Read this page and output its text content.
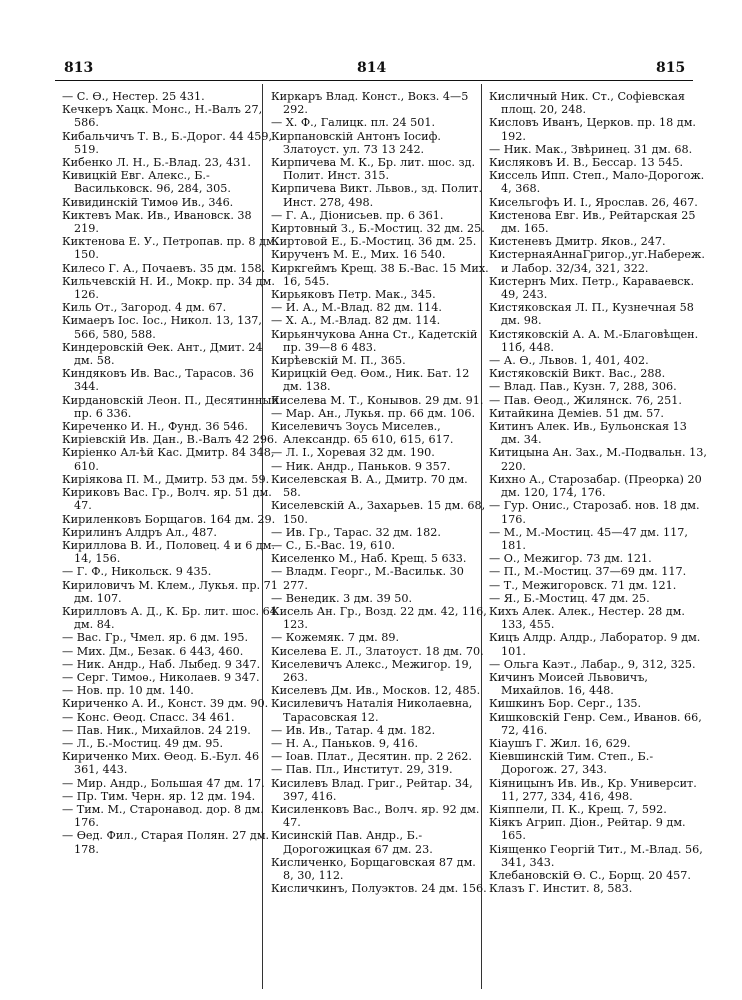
813	814	815

— С. Ѳ., Нестер. 25 431.

Кечкеръ Хацк. Монс., Н.-Валъ 27, 586.

Кибальчичъ Т. В., Б.-Дорог. 44 459, 519.

Кибенко Л. Н., Б.-Влад. 23, 431.

Кивицкій Евг. Алекс., Б.-Васильковск. 96, 284, 305.

Кивидинскій Тимоѳ Ив., 346.

Киктевъ Мак. Ив., Ивановск. 38 219.

Киктенова Е. У., Петропав. пр. 8 дм. 150.

Килесо Г. А., Почаевъ. 35 дм. 158.

Кильчевскій Н. И., Мокр. пр. 34 дм. 126.

Киль От., Загород. 4 дм. 67.

Кимаеръ Іос. Іос., Никол. 13, 137, 566, 580, 588.

Киндеровскій Ѳек. Ант., Дмит. 24 дм. 58.

Киндяковъ Ив. Вас., Тарасов. 36 344.

Кирдановскій Леон. П., Десятинный пр. 6 336.

Киреченко И. Н., Фунд. 36 546.

Киріевскій Ив. Дан., В.-Валъ 42 296.

Киріенко Ал-ѣй Кас. Дмитр. 84 348, 610.

Киріякова П. М., Дмитр. 53 дм. 59.

Кириковъ Вас. Гр., Волч. яр. 51 дм. 47.

Кириленковъ Борщагов. 164 дм. 29.

Кирилинъ Алдръ Ал., 487.

Кириллова В. И., Половец. 4 и 6 дм. 14, 156.

— Г. Ф., Никольск. 9 435.

Кириловичъ М. Клем., Лукья. пр. 71 дм. 107.

Кирилловъ А. Д., К. Бр. лит. шос. 64 дм. 84.

— Вас. Гр., Чмел. яр. 6 дм. 195.

— Мих. Дм., Безак. 6 443, 460.

— Ник. Андр., Наб. Лыбед. 9 347.

— Серг. Тимоѳ., Николаев. 9 347.

— Нов. пр. 10 дм. 140.

Кириченко А. И., Конст. 39 дм. 90.

— Конс. Ѳеод. Спасс. 34 461.

— Пав. Ник., Михайлов. 24 219.

— Л., Б.-Мостиц. 49 дм. 95.

Кириченко Мих. Ѳеод. Б.-Бул. 46 361, 443.

— Мир. Андр., Большая 47 дм. 17.

— Пр. Тим. Черн. яр. 12 дм. 194.

— Тим. М., Старонавод. дор. 8 дм. 176.

— Ѳед. Фил., Старая Полян. 27 дм. 178.

Киркаръ Влад. Конст., Вокз. 4—5 292.

— Х. Ф., Галицк. пл. 24 501.

Кирпановскій Антонъ Іосиф. Златоуст. ул. 73 13 242.

Кирпичева М. К., Бр. лит. шос. зд. Полит. Инст. 315.

Кирпичева Викт. Львов., зд. Полит. Инст. 278, 498.

— Г. А., Діонисьев. пр. 6 361.

Киртовный З., Б.-Мостиц. 32 дм. 25.

Киртовой Е., Б.-Мостиц. 36 дм. 25.

Кирученъ М. Е., Мих. 16 540.

Киркгеймъ Крещ. 38 Б.-Вас. 15 Мих. 16, 545.

Кирьяковъ Петр. Мак., 345.

— И. А., М.-Влад. 82 дм. 114.

— Х. А., М.-Влад. 82 дм. 114.

Кирьянчукова Анна Ст., Кадетскій пр. 39—8 6 483.

Кирѣевскій М. П., 365.

Кирицкій Ѳед. Ѳом., Ник. Бат. 12 дм. 138.

Киселева М. Т., Конывов. 29 дм. 91.

— Мар. Ан., Лукья. пр. 66 дм. 106.

Киселевичъ Зоусь Миселев., Александр. 65 610, 615, 617.

— Л. І., Хоревая 32 дм. 190.

— Ник. Андр., Паньков. 9 357.

Киселевская В. А., Дмитр. 70 дм. 58.

Киселевскій А., Захарьев. 15 дм. 68, 150.

— Ив. Гр., Тарас. 32 дм. 182.

— С., Б.-Вас. 19, 610.

Киселенко М., Наб. Крещ. 5 633.

— Владм. Георг., М.-Васильк. 30 277.

— Венедик. 3 дм. 39 50.

Кисель Ан. Гр., Возд. 22 дм. 42, 116, 123.

— Кожемяк. 7 дм. 89.

Киселева Е. Л., Златоуст. 18 дм. 70.

Киселевичъ Алекс., Межигор. 19, 263.

Киселевъ Дм. Ив., Москов. 12, 485.

Кисилевичъ Наталія Николаевна, Тарасовская 12.

— Ив. Ив., Татар. 4 дм. 182.

— Н. А., Паньков. 9, 416.

— Іоав. Плат., Десятин. пр. 2 262.

— Пав. Пл., Институт. 29, 319.

Кисилевъ Влад. Григ., Рейтар. 34, 397, 416.

Кисиленковъ Вас., Волч. яр. 92 дм. 47.

Кисинскій Пав. Андр., Б.-Дорогожицкая 67 дм. 23.

Кисличенко, Борщаговская 87 дм. 8, 30, 112.

Кисличкинъ, Полуэктов. 24 дм. 156.

Кисличный Ник. Ст., Софіевская площ. 20, 248.

Кисловъ Иванъ, Церков. пр. 18 дм. 192.

— Ник. Мак., Звѣринец. 31 дм. 68.

Кисляковъ И. В., Бессар. 13 545.

Киссель Ипп. Степ., Мало-Дорогож. 4, 368.

Кисельгофъ И. І., Ярослав. 26, 467.

Кистенова Евг. Ив., Рейтарская 25 дм. 165.

Кистеневъ Дмитр. Яков., 247.

КистернаяАннаГригор.,уг.Набереж. и Лабор. 32/34, 321, 322.

Кистернъ Мих. Петр., Караваевск. 49, 243.

Кистяковская Л. П., Кузнечная 58 дм. 98.

Кистяковскій А. А. М.-Благовѣщен. 11б, 448.

— А. Ѳ., Львов. 1, 401, 402.

Кистяковскій Викт. Вас., 288.

— Влад. Пав., Кузн. 7, 288, 306.

— Пав. Ѳеод., Жилянск. 76, 251.

Китайкина Деміев. 51 дм. 57.

Китинъ Алек. Ив., Бульонская 13 дм. 34.

Китицына Ан. Зах., М.-Подвальн. 13, 220.

Кихно А., Старозабар. (Преорка) 20 дм. 120, 174, 176.

— Гур. Онис., Старозаб. нов. 18 дм. 176.

— М., М.-Мостиц. 45—47 дм. 117, 181.

— О., Межигор. 73 дм. 121.

— П., М.-Мостиц. 37—69 дм. 117.

— Т., Межигоровск. 71 дм. 121.

— Я., Б.-Мостиц. 47 дм. 25.

Кихъ Алек. Алек., Нестер. 28 дм. 133, 455.

Кицъ Алдр. Алдр., Лаборатор. 9 дм. 101.

— Ольга Каэт., Лабар., 9, 312, 325.

Кичинъ Мoисей Львовичъ, Михайлов. 16, 448.

Кишкинъ Бор. Серг., 135.

Кишковскій Генр. Сем., Иванов. 66, 72, 416.

Кіаушъ Г. Жил. 16, 629.

Кіевшинскій Тим. Степ., Б.-Дорогож. 27, 343.

Кіяницынъ Ив. Ив., Кр. Университ. 11, 277, 334, 416, 498.

Кіяппели, П. К., Крещ. 7, 592.

Кіякъ Агрип. Діон., Рейтар. 9 дм. 165.

Кіященко Георгій Тит., М.-Влад. 56, 341, 343.

Клебановскій Ѳ. С., Борщ. 20 457.

Клазъ Г. Инстит. 8, 583.
